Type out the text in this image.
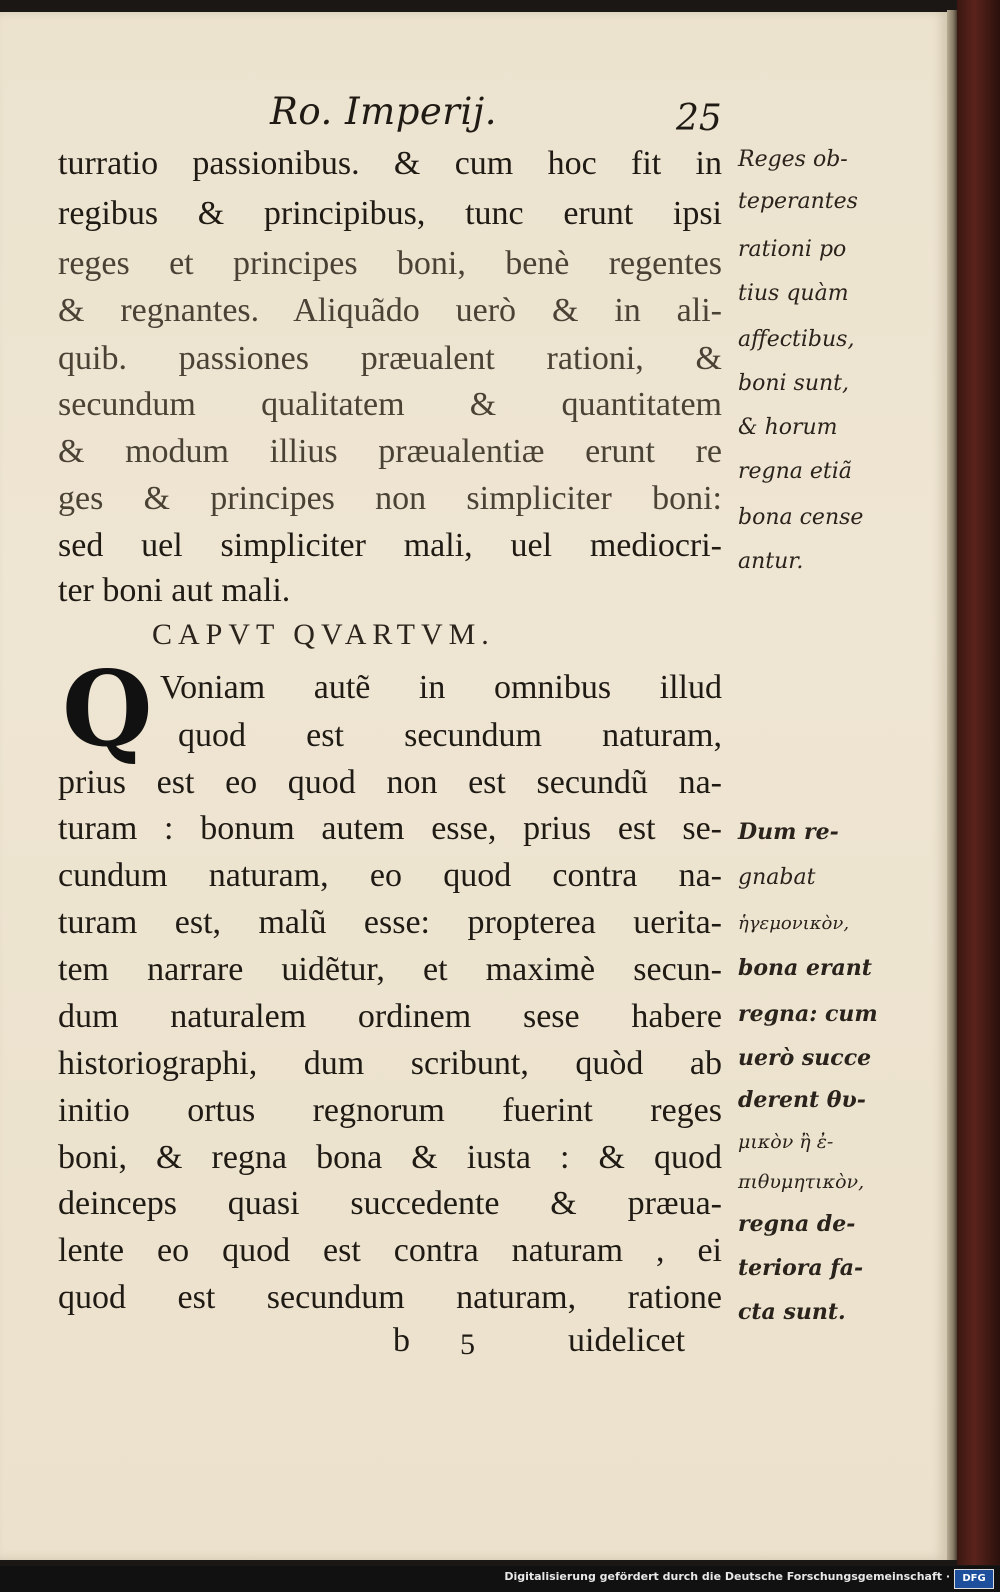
Ro. Imperij.	25
turratio passionibus. & cum hoc fit in
regibus & principibus, tunc erunt ipsi
reges et principes boni, benè regentes
& regnantes. Aliquãdo uerò & in ali-
quib. passiones præualent rationi, &
secundum qualitatem & quantitatem
& modum illius præualentiæ erunt re
ges & principes non simpliciter boni:
sed uel simpliciter mali, uel mediocri-
ter boni aut mali.
CAPVT QVARTVM.
Q Voniam autẽ in omnibus illud
quod est secundum naturam,
prius est eo quod non est secundũ na-
turam : bonum autem esse, prius est se-
cundum naturam, eo quod contra na-
turam est, malũ esse: propterea uerita-
tem narrare uidẽtur, et maximè secun-
dum naturalem ordinem sese habere
historiographi, dum scribunt, quòd ab
initio ortus regnorum fuerint reges
boni, & regna bona & iusta : & quod
deinceps quasi succedente & præua-
lente eo quod est contra naturam , ei
quod est secundum naturam, ratione
b 5	uidelicet
Reges ob-
teperantes
rationi po
tius quàm
affectibus,
boni sunt,
& horum
regna etiã
bona cense
antur.
Dum re-
gnabat
ἡγεμονικὸν,
bona erant
regna: cum
uerò succe
derent θυ-
μικὸν ἢ ἐ-
πιθυμητικὸν,
regna de-
teriora fa-
cta sunt.
Digitalisierung gefördert durch die Deutsche Forschungsgemeinschaft ·	DFG
